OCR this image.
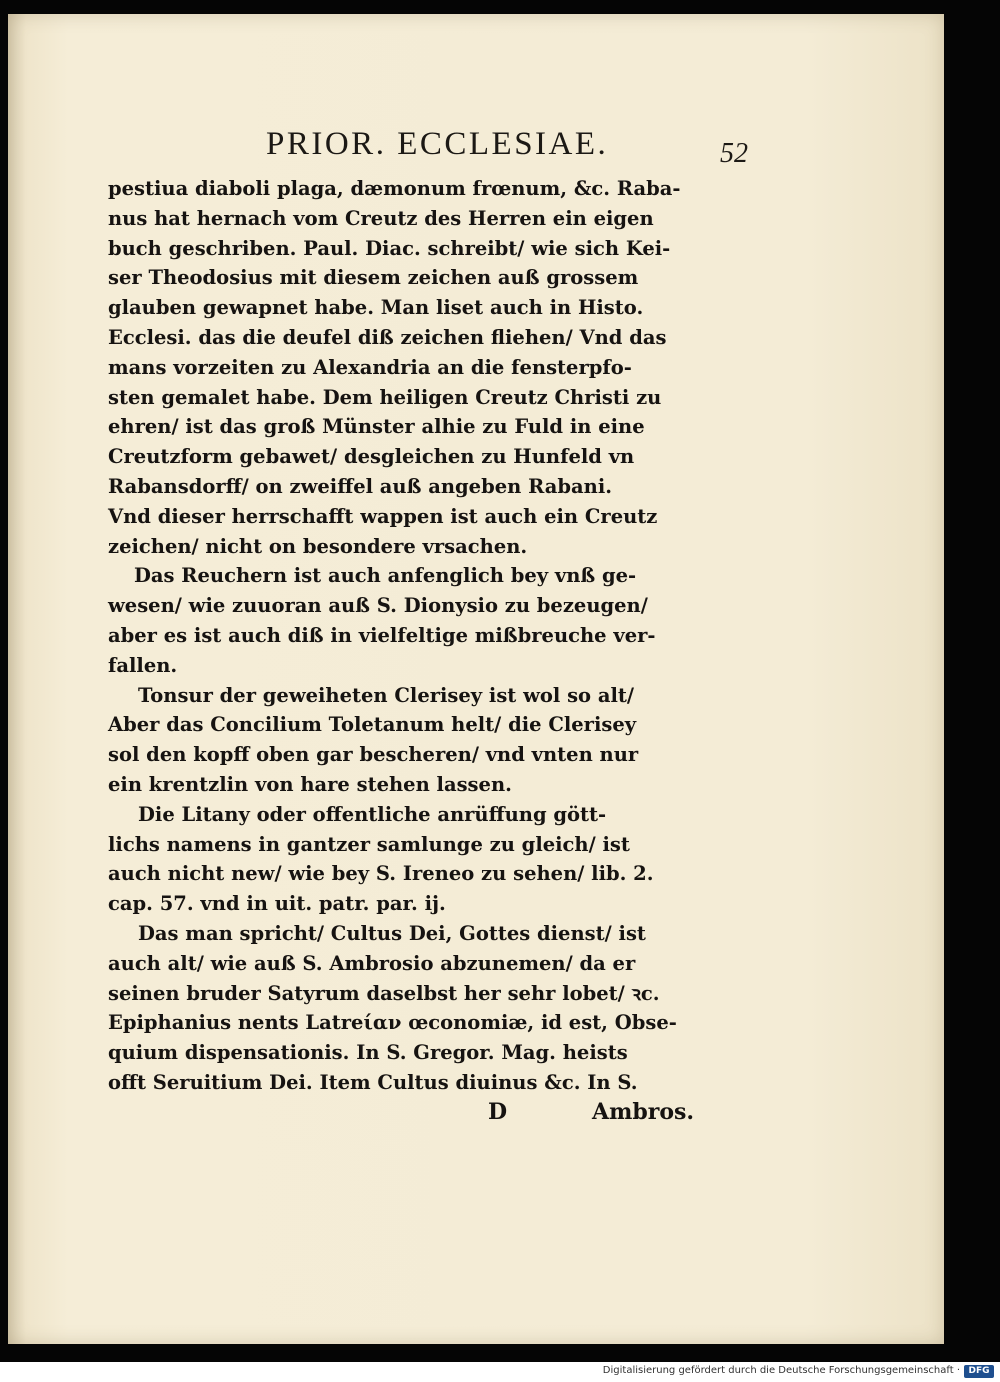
PRIOR. ECCLESIAE.	52
pestiua diaboli plaga, dæmonum frœnum, &c. Raba-
nus hat hernach vom Creutz des Herren ein eigen
buch geschriben. Paul. Diac. schreibt/ wie sich Kei-
ser Theodosius mit diesem zeichen auß grossem
glauben gewapnet habe. Man liset auch in Histo.
Ecclesi. das die deufel diß zeichen fliehen/ Vnd das
mans vorzeiten zu Alexandria an die fensterpfo-
sten gemalet habe. Dem heiligen Creutz Christi zu
ehren/ ist das groß Münster alhie zu Fuld in eine
Creutzform gebawet/ desgleichen zu Hunfeld vn
Rabansdorff/ on zweiffel auß angeben Rabani.
Vnd dieser herrschafft wappen ist auch ein Creutz
zeichen/ nicht on besondere vrsachen.
Das Reuchern ist auch anfenglich bey vnß ge-
wesen/ wie zuuoran auß S. Dionysio zu bezeugen/
aber es ist auch diß in vielfeltige mißbreuche ver-
fallen.
Tonsur der geweiheten Clerisey ist wol so alt/
Aber das Concilium Toletanum helt/ die Clerisey
sol den kopff oben gar bescheren/ vnd vnten nur
ein krentzlin von hare stehen lassen.
Die Litany oder offentliche anrüffung gött-
lichs namens in gantzer samlunge zu gleich/ ist
auch nicht new/ wie bey S. Ireneo zu sehen/ lib. 2.
cap. 57. vnd in uit. patr. par. ij.
Das man spricht/ Cultus Dei, Gottes dienst/ ist
auch alt/ wie auß S. Ambrosio abzunemen/ da er
seinen bruder Satyrum daselbst her sehr lobet/ ꝛc.
Epiphanius nents Latreίαν œconomiæ, id est, Obse-
quium dispensationis. In S. Gregor. Mag. heists
offt Seruitium Dei. Item Cultus diuinus &c. In S.
D	Ambros.
Digitalisierung gefördert durch die Deutsche Forschungsgemeinschaft · DFG
